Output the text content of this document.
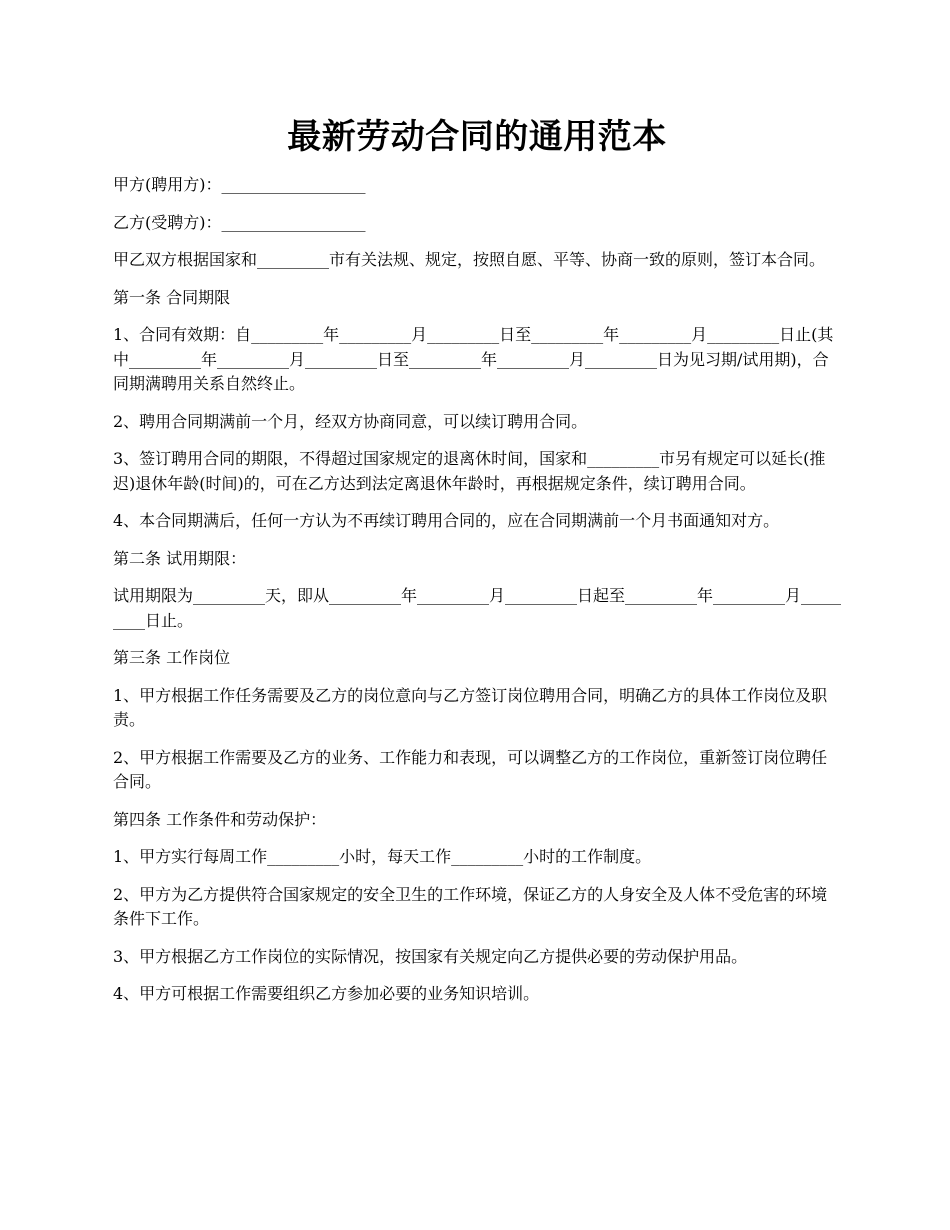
最新劳动合同的通用范本

甲方(聘用方)：__________________

乙方(受聘方)：__________________

甲乙双方根据国家和_________市有关法规、规定，按照自愿、平等、协商一致的原则，签订本合同。

第一条 合同期限

1、合同有效期：自_________年_________月_________日至_________年_________月_________日止(其中_________年_________月_________日至_________年_________月_________日为见习期/试用期)，合同期满聘用关系自然终止。

2、聘用合同期满前一个月，经双方协商同意，可以续订聘用合同。

3、签订聘用合同的期限，不得超过国家规定的退离休时间，国家和_________市另有规定可以延长(推迟)退休年龄(时间)的，可在乙方达到法定离退休年龄时，再根据规定条件，续订聘用合同。

4、本合同期满后，任何一方认为不再续订聘用合同的，应在合同期满前一个月书面通知对方。

第二条 试用期限：

试用期限为_________天，即从_________年_________月_________日起至_________年_________月_________日止。

第三条 工作岗位

1、甲方根据工作任务需要及乙方的岗位意向与乙方签订岗位聘用合同，明确乙方的具体工作岗位及职责。

2、甲方根据工作需要及乙方的业务、工作能力和表现，可以调整乙方的工作岗位，重新签订岗位聘任合同。

第四条 工作条件和劳动保护：

1、甲方实行每周工作_________小时，每天工作_________小时的工作制度。

2、甲方为乙方提供符合国家规定的安全卫生的工作环境，保证乙方的人身安全及人体不受危害的环境条件下工作。

3、甲方根据乙方工作岗位的实际情况，按国家有关规定向乙方提供必要的劳动保护用品。

4、甲方可根据工作需要组织乙方参加必要的业务知识培训。
